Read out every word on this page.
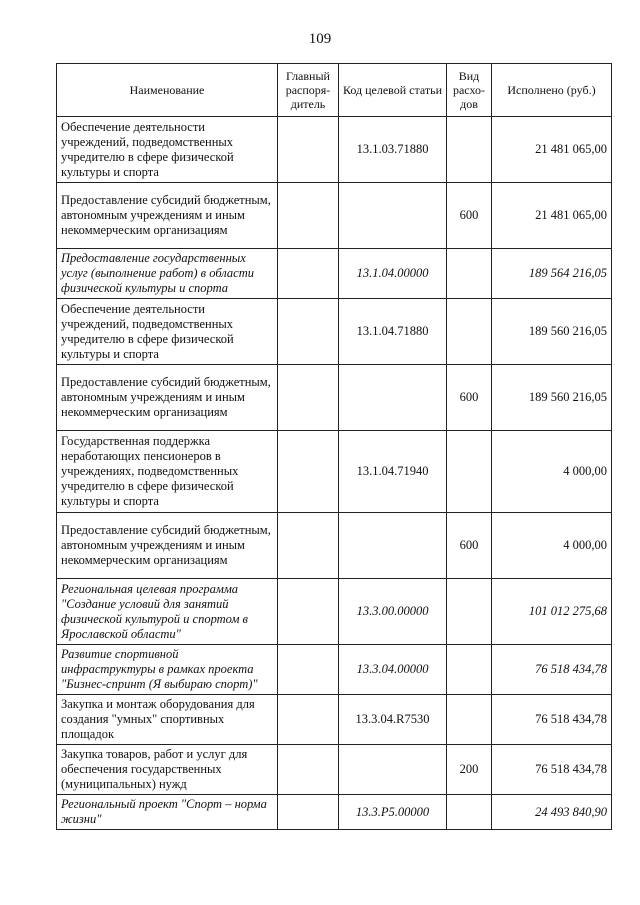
109
Наименование	Главный распоря- дитель	Код целевой статьи	Вид расхо- дов	Исполнено (руб.)
Обеспечение деятельности учреждений, подведомственных учредителю в сфере физической культуры и спорта		13.1.03.71880		21 481 065,00
Предоставление субсидий бюджетным, автономным учреждениям и иным некоммерческим организациям			600	21 481 065,00
Предоставление государственных услуг (выполнение работ) в области физической культуры и спорта		13.1.04.00000		189 564 216,05
Обеспечение деятельности учреждений, подведомственных учредителю в сфере физической культуры и спорта		13.1.04.71880		189 560 216,05
Предоставление субсидий бюджетным, автономным учреждениям и иным некоммерческим организациям			600	189 560 216,05
Государственная поддержка неработающих пенсионеров в учреждениях, подведомственных учредителю в сфере физической культуры и спорта		13.1.04.71940		4 000,00
Предоставление субсидий бюджетным, автономным учреждениям и иным некоммерческим организациям			600	4 000,00
Региональная целевая программа "Создание условий для занятий физической культурой и спортом в Ярославской области"		13.3.00.00000		101 012 275,68
Развитие спортивной инфраструктуры в рамках проекта "Бизнес-спринт (Я выбираю спорт)"		13.3.04.00000		76 518 434,78
Закупка и монтаж оборудования для создания "умных" спортивных площадок		13.3.04.R7530		76 518 434,78
Закупка товаров, работ и услуг для обеспечения государственных (муниципальных) нужд			200	76 518 434,78
Региональный проект "Спорт – норма жизни"		13.3.P5.00000		24 493 840,90
